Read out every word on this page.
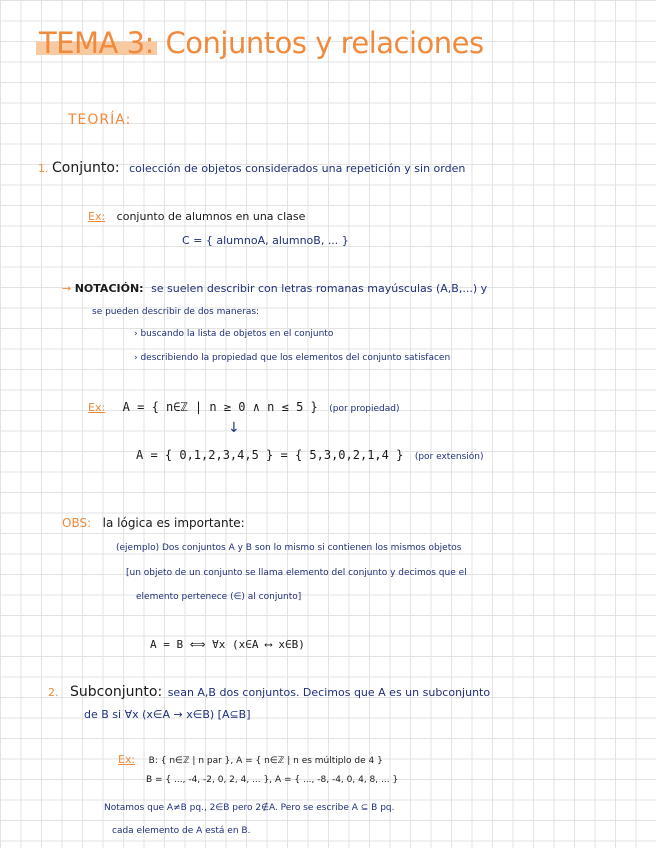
TEMA 3: Conjuntos y relaciones
TEORÍA:
1. Conjunto: colección de objetos considerados una repetición y sin orden
Ex: conjunto de alumnos en una clase
C = { alumnoA, alumnoB, ... }
→ NOTACIÓN: se suelen describir con letras romanas mayúsculas (A,B,...) y
se pueden describir de dos maneras:
› buscando la lista de objetos en el conjunto
› describiendo la propiedad que los elementos del conjunto satisfacen
Ex: A = { n∈ℤ | n ≥ 0 ∧ n ≤ 5 } (por propiedad)
↓
A = { 0,1,2,3,4,5 } = { 5,3,0,2,1,4 } (por extensión)
OBS: la lógica es importante:
(ejemplo) Dos conjuntos A y B son lo mismo si contienen los mismos objetos
[un objeto de un conjunto se llama elemento del conjunto y decimos que el
elemento pertenece (∈) al conjunto]
A = B ⟺ ∀x (x∈A ⟷ x∈B)
2. Subconjunto: sean A,B dos conjuntos. Decimos que A es un subconjunto
de B si ∀x (x∈A → x∈B) [A⊆B]
Ex: B: { n∈ℤ | n par }, A = { n∈ℤ | n es múltiplo de 4 }
B = { ..., -4, -2, 0, 2, 4, ... }, A = { ..., -8, -4, 0, 4, 8, ... }
Notamos que A≠B pq., 2∈B pero 2∉A. Pero se escribe A ⊆ B pq.
cada elemento de A está en B.
